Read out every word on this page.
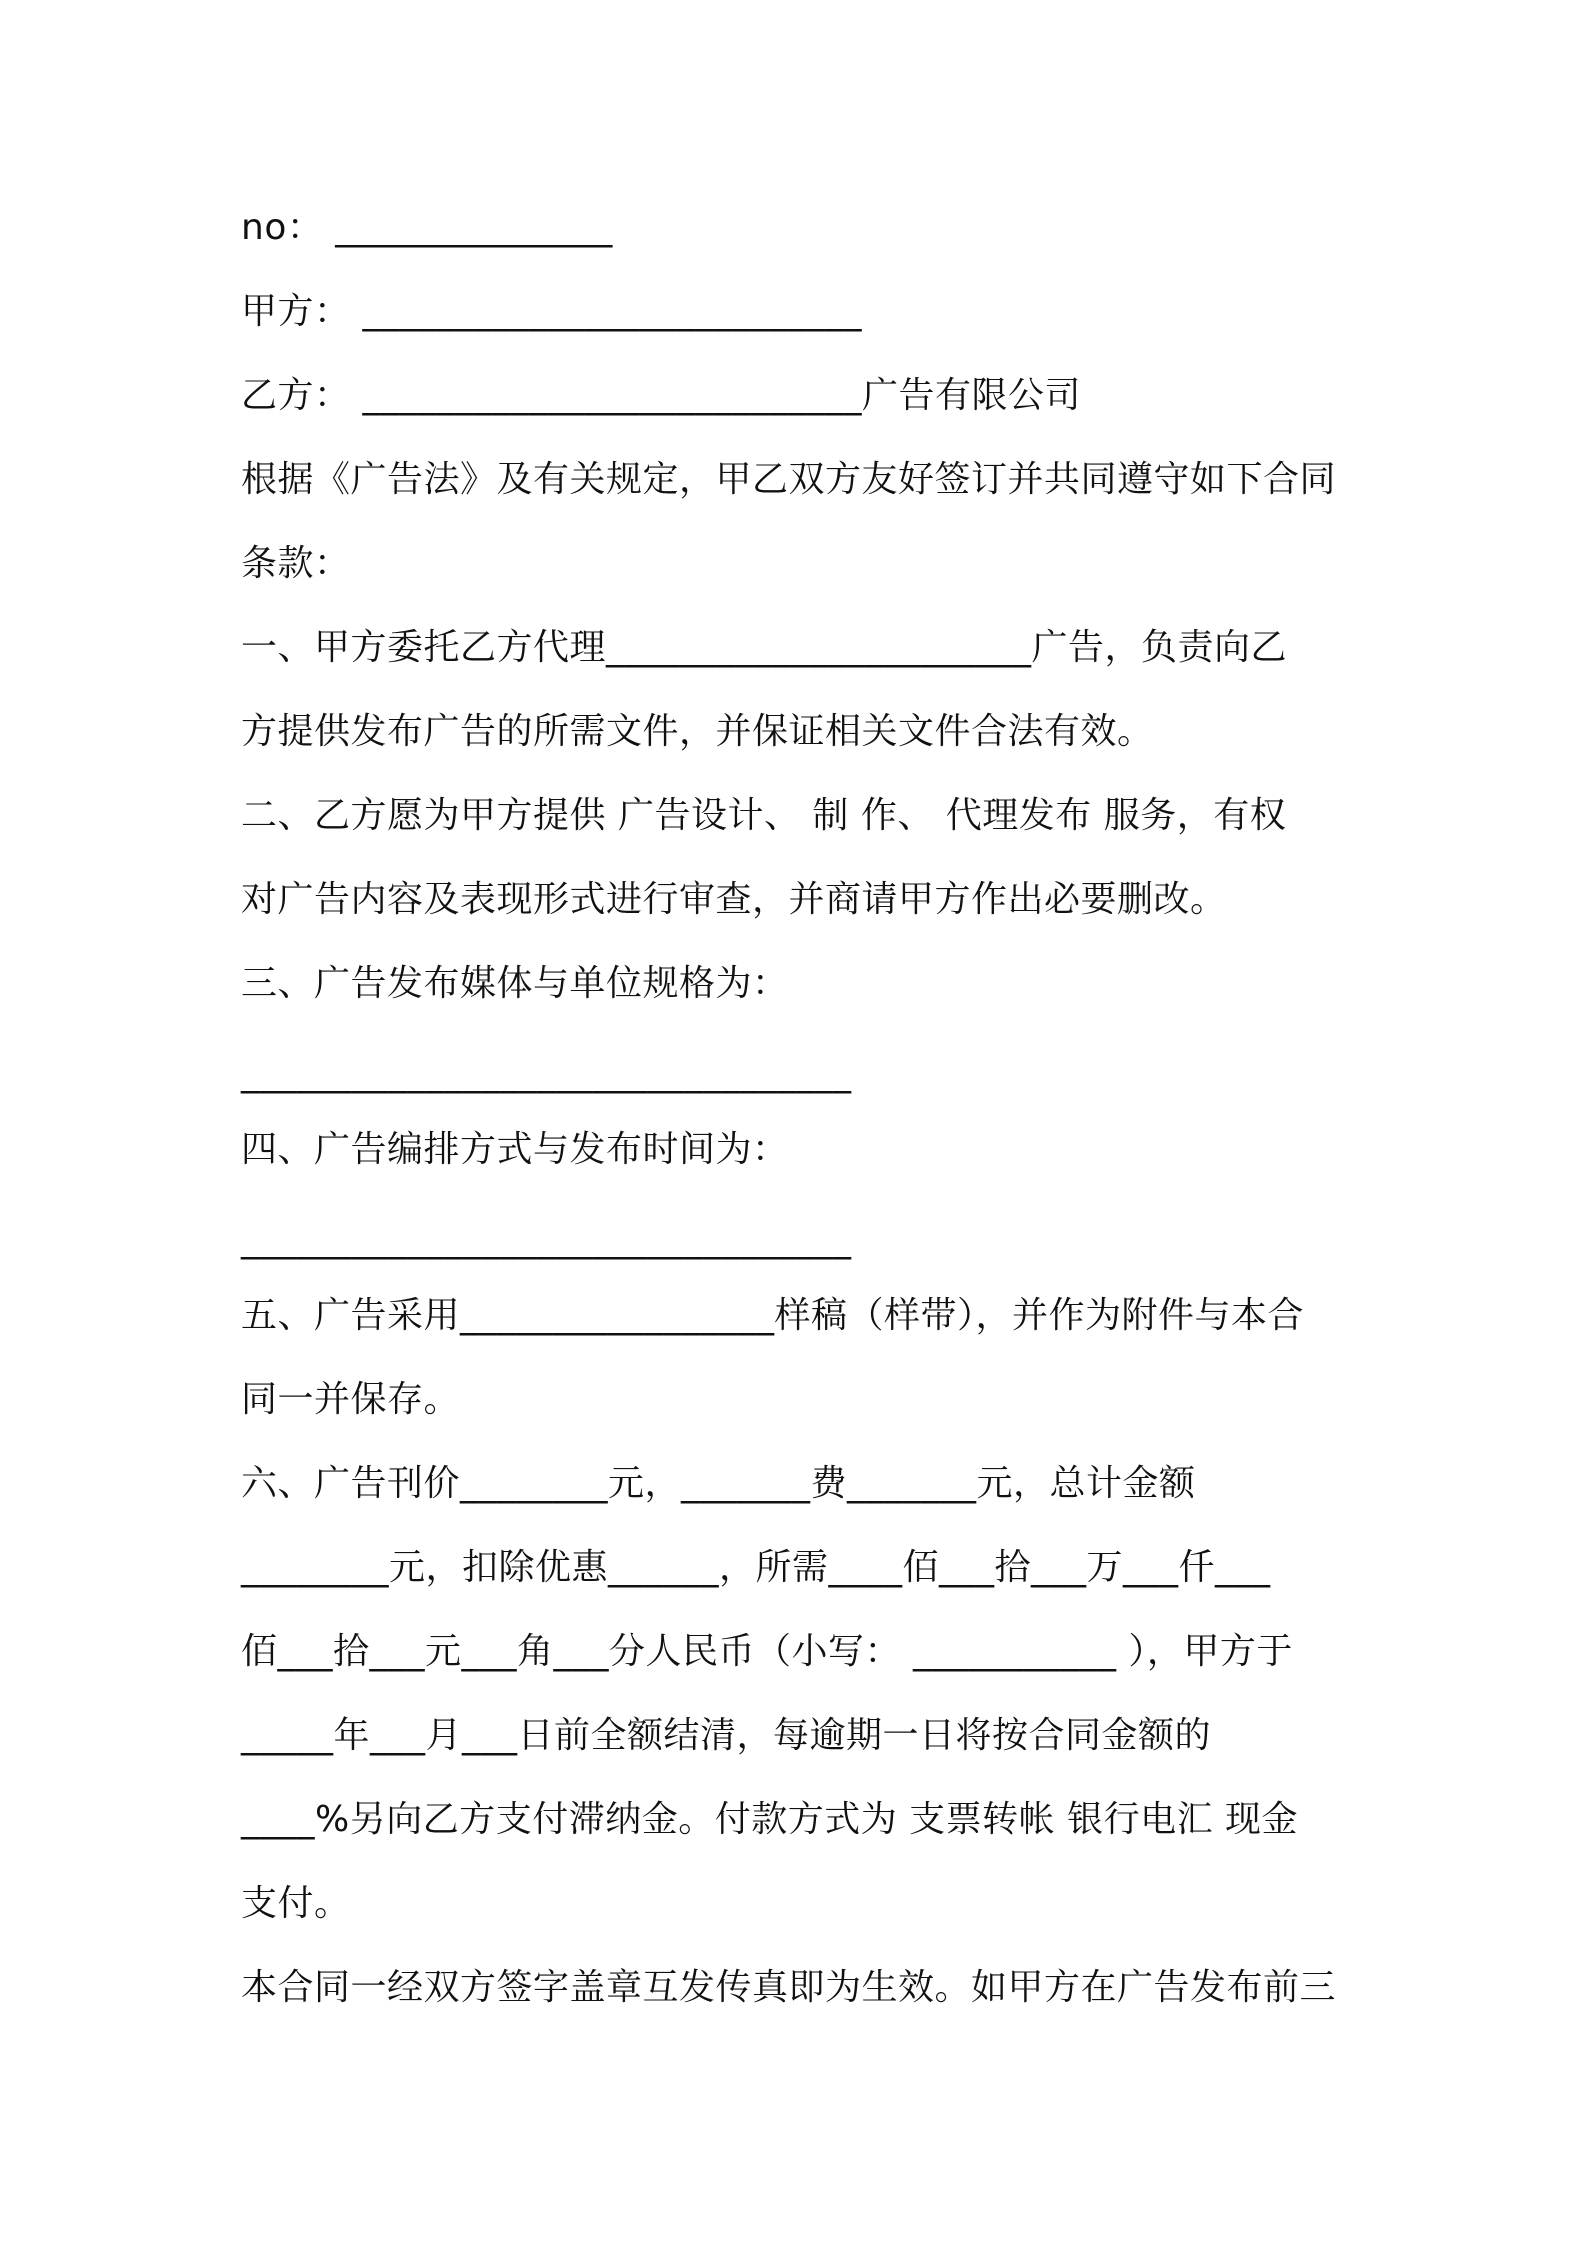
no： _______________
甲方： ___________________________
乙方： ___________________________广告有限公司
根据《广告法》及有关规定，甲乙双方友好签订并共同遵守如下合同
条款：
一、甲方委托乙方代理_______________________广告，负责向乙
方提供发布广告的所需文件，并保证相关文件合法有效。
二、乙方愿为甲方提供 广告设计、 制 作、 代理发布 服务，有权
对广告内容及表现形式进行审查，并商请甲方作出必要删改。
三、广告发布媒体与单位规格为：
_________________________________
四、广告编排方式与发布时间为：
_________________________________
五、广告采用_________________样稿（样带），并作为附件与本合
同一并保存。
六、广告刊价________元，_______费_______元，总计金额
________元，扣除优惠______，所需____佰___拾___万___仟___
佰___拾___元___角___分人民币（小写： ___________ ），甲方于
_____年___月___日前全额结清，每逾期一日将按合同金额的
____%另向乙方支付滞纳金。付款方式为 支票转帐 银行电汇 现金
支付。
本合同一经双方签字盖章互发传真即为生效。如甲方在广告发布前三
